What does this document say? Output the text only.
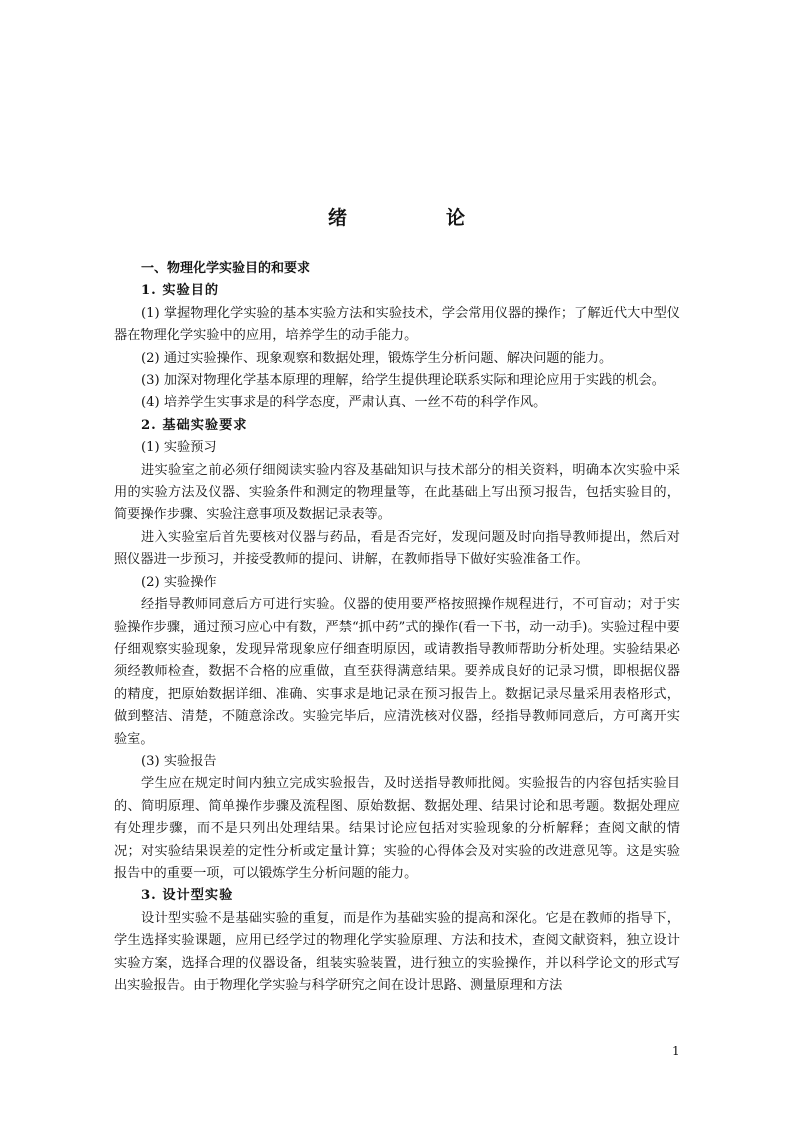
绪　论

一、物理化学实验目的和要求

1. 实验目的

(1) 掌握物理化学实验的基本实验方法和实验技术，学会常用仪器的操作；了解近代大中型仪器在物理化学实验中的应用，培养学生的动手能力。

(2) 通过实验操作、现象观察和数据处理，锻炼学生分析问题、解决问题的能力。

(3) 加深对物理化学基本原理的理解，给学生提供理论联系实际和理论应用于实践的机会。

(4) 培养学生实事求是的科学态度，严肃认真、一丝不苟的科学作风。

2. 基础实验要求

(1) 实验预习

进实验室之前必须仔细阅读实验内容及基础知识与技术部分的相关资料，明确本次实验中采用的实验方法及仪器、实验条件和测定的物理量等，在此基础上写出预习报告，包括实验目的，简要操作步骤、实验注意事项及数据记录表等。

进入实验室后首先要核对仪器与药品，看是否完好，发现问题及时向指导教师提出，然后对照仪器进一步预习，并接受教师的提问、讲解，在教师指导下做好实验准备工作。

(2) 实验操作

经指导教师同意后方可进行实验。仪器的使用要严格按照操作规程进行，不可盲动；对于实验操作步骤，通过预习应心中有数，严禁“抓中药”式的操作(看一下书，动一动手)。实验过程中要仔细观察实验现象，发现异常现象应仔细查明原因，或请教指导教师帮助分析处理。实验结果必须经教师检查，数据不合格的应重做，直至获得满意结果。要养成良好的记录习惯，即根据仪器的精度，把原始数据详细、准确、实事求是地记录在预习报告上。数据记录尽量采用表格形式，做到整洁、清楚，不随意涂改。实验完毕后，应清洗核对仪器，经指导教师同意后，方可离开实验室。

(3) 实验报告

学生应在规定时间内独立完成实验报告，及时送指导教师批阅。实验报告的内容包括实验目的、简明原理、简单操作步骤及流程图、原始数据、数据处理、结果讨论和思考题。数据处理应有处理步骤，而不是只列出处理结果。结果讨论应包括对实验现象的分析解释；查阅文献的情况；对实验结果误差的定性分析或定量计算；实验的心得体会及对实验的改进意见等。这是实验报告中的重要一项，可以锻炼学生分析问题的能力。

3. 设计型实验

设计型实验不是基础实验的重复，而是作为基础实验的提高和深化。它是在教师的指导下，学生选择实验课题，应用已经学过的物理化学实验原理、方法和技术，查阅文献资料，独立设计实验方案，选择合理的仪器设备，组装实验装置，进行独立的实验操作，并以科学论文的形式写出实验报告。由于物理化学实验与科学研究之间在设计思路、测量原理和方法

1
